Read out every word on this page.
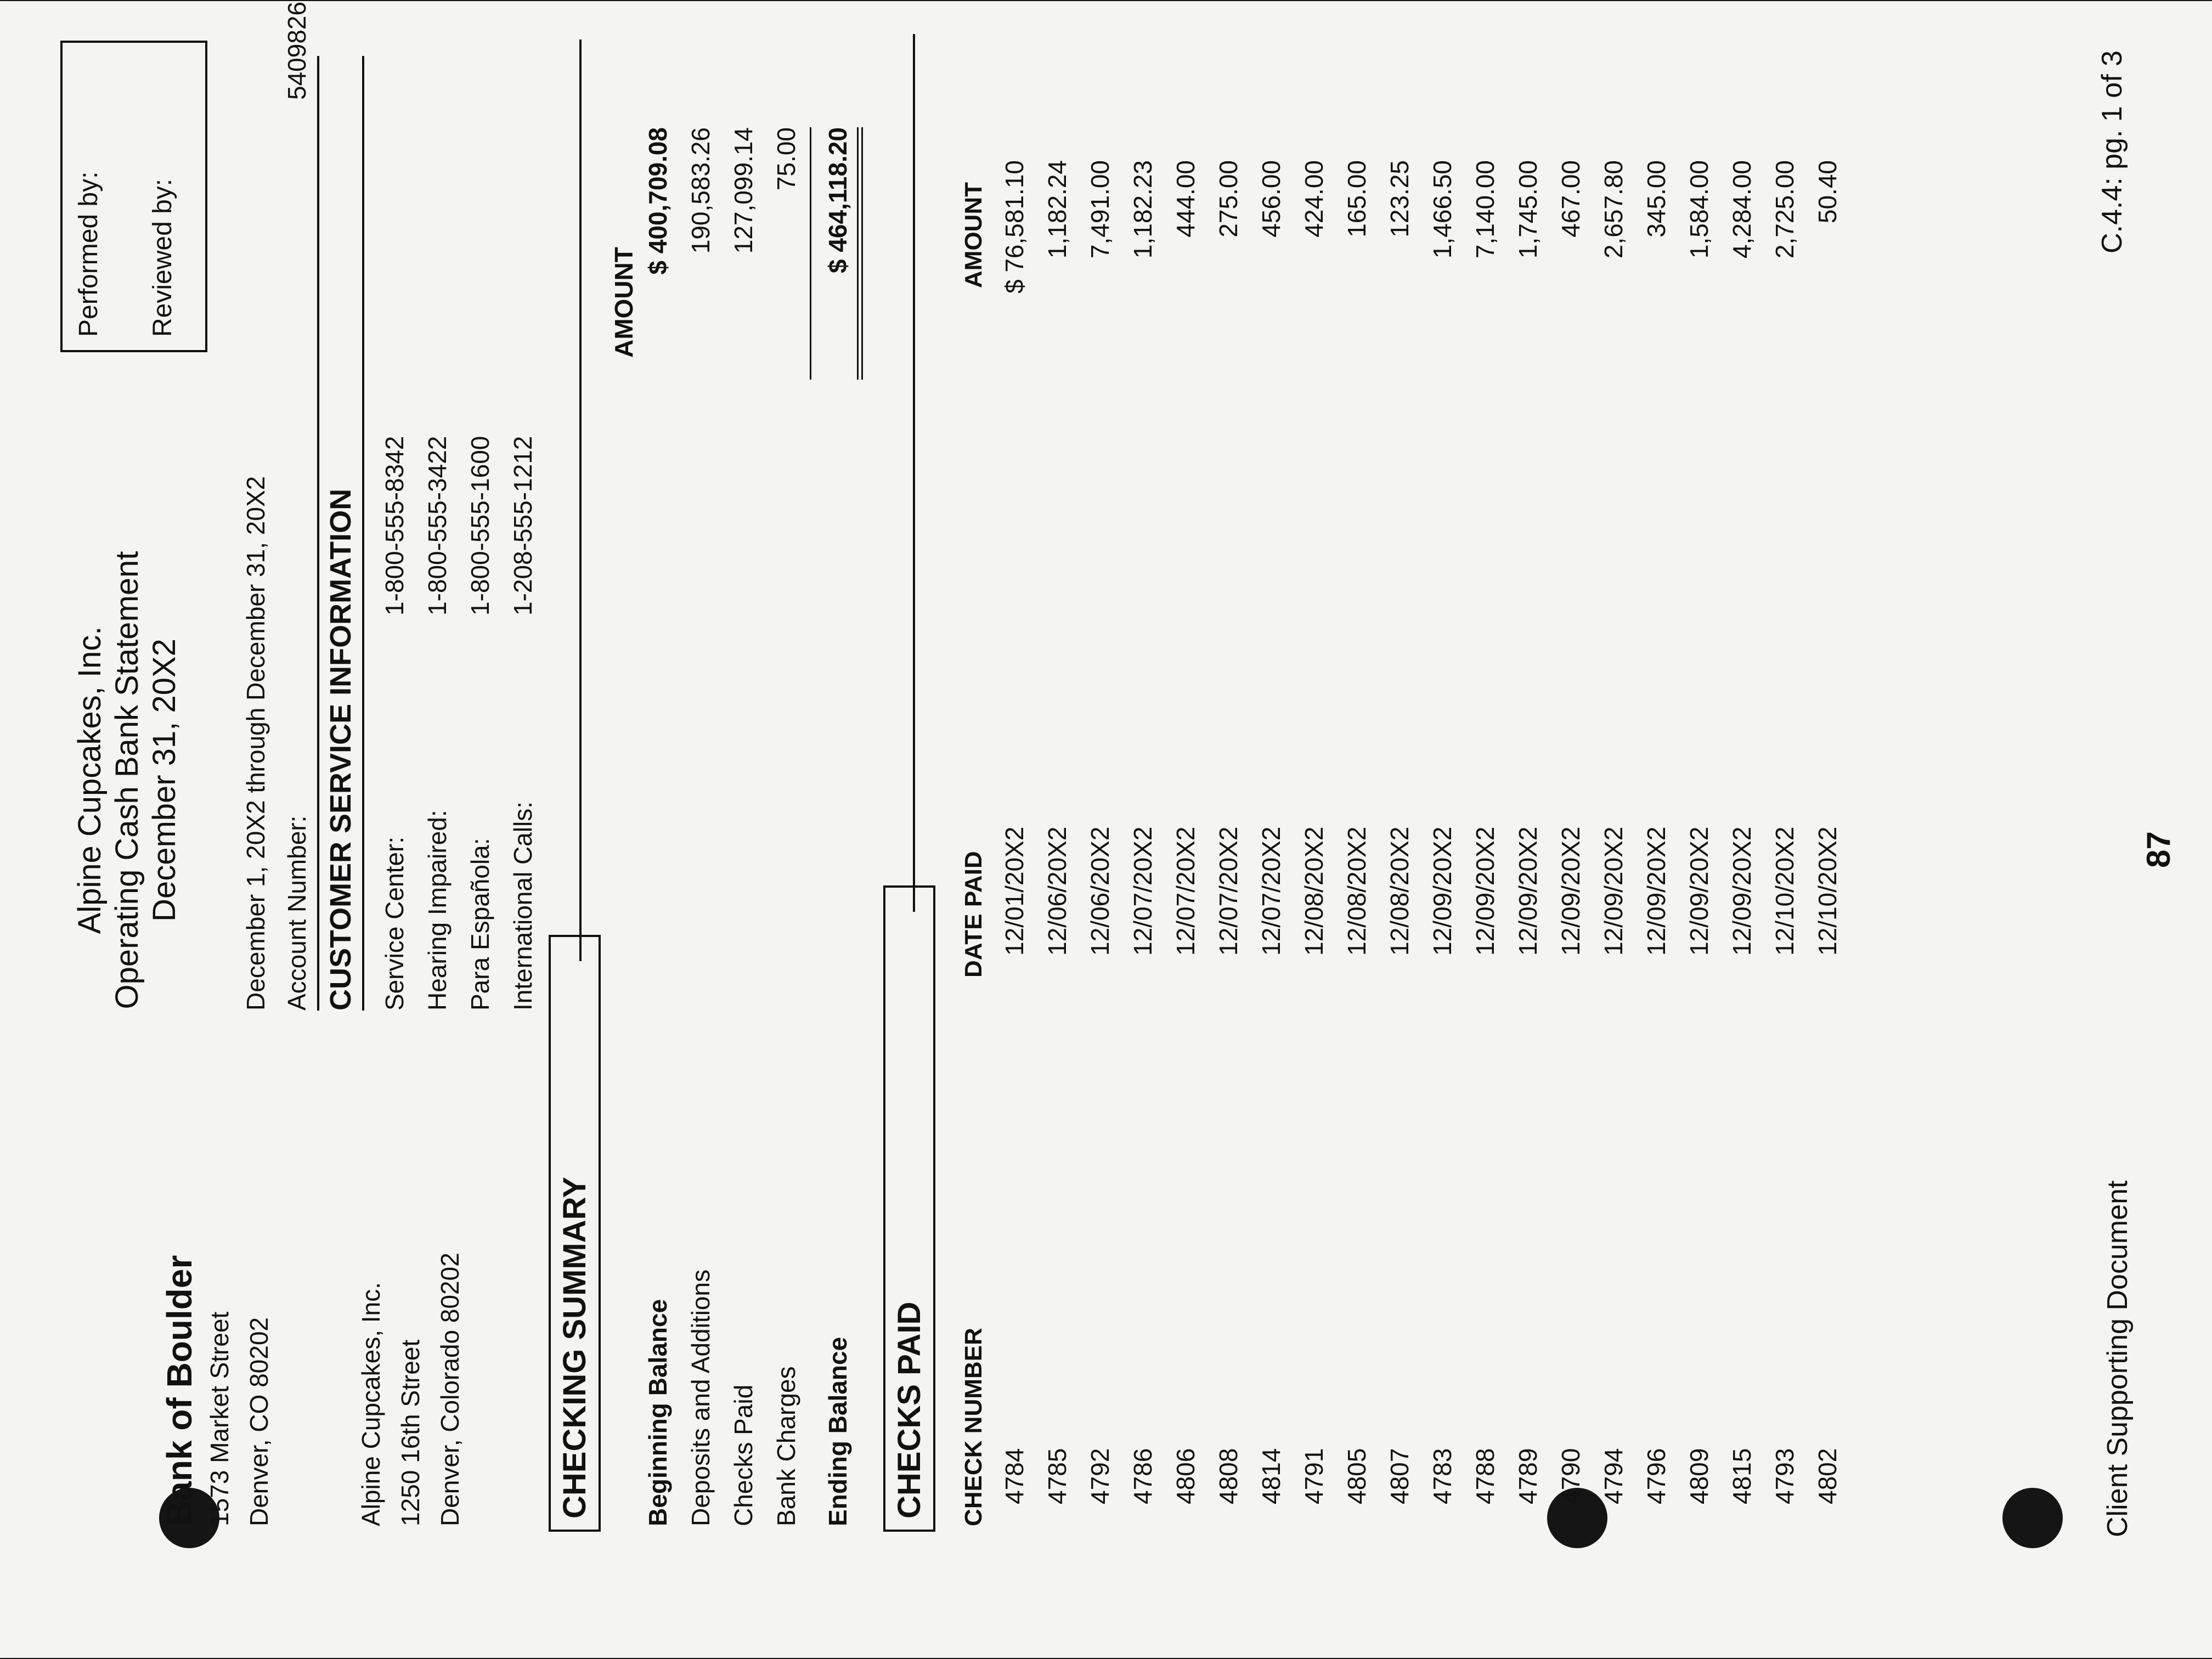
Alpine Cupcakes, Inc. Operating Cash Bank Statement December 31, 20X2
Performed by:	Reviewed by:
Bank of Boulder 1573 Market Street Denver, CO 80202
December 1, 20X2 through December 31, 20X2 Account Number:
5409826
Alpine Cupcakes, Inc. 1250 16th Street Denver, Colorado 80202
CUSTOMER SERVICE INFORMATION Service Center:
1-800-555-8342
Hearing Impaired:
1-800-555-3422
Para Española:
1-800-555-1600
International Calls:
1-208-555-1212
CHECKING SUMMARY
AMOUNT
Beginning Balance
$ 400,709.08
Deposits and Additions
190,583.26
Checks Paid
127,099.14
Bank Charges
75.00
Ending Balance
$ 464,118.20
CHECKS PAID	CHECK NUMBER
DATE PAID
AMOUNT
4784
12/01/20X2
$ 76,581.10
4785
12/06/20X2
1,182.24
4792
12/06/20X2
7,491.00
4786
12/07/20X2
1,182.23
4806
12/07/20X2
444.00
4808
12/07/20X2
275.00
4814
12/07/20X2
456.00
4791
12/08/20X2
424.00
4805
12/08/20X2
165.00
4807
12/08/20X2
123.25
4783
12/09/20X2
1,466.50
4788
12/09/20X2
7,140.00
4789
12/09/20X2
1,745.00
4790
12/09/20X2
467.00
4794
12/09/20X2
2,657.80
4796
12/09/20X2
345.00
4809
12/09/20X2
1,584.00
4815
12/09/20X2
4,284.00
4793
12/10/20X2
2,725.00
4802
12/10/20X2
50.40
Client Supporting Document
87
C.4.4: pg. 1 of 3
